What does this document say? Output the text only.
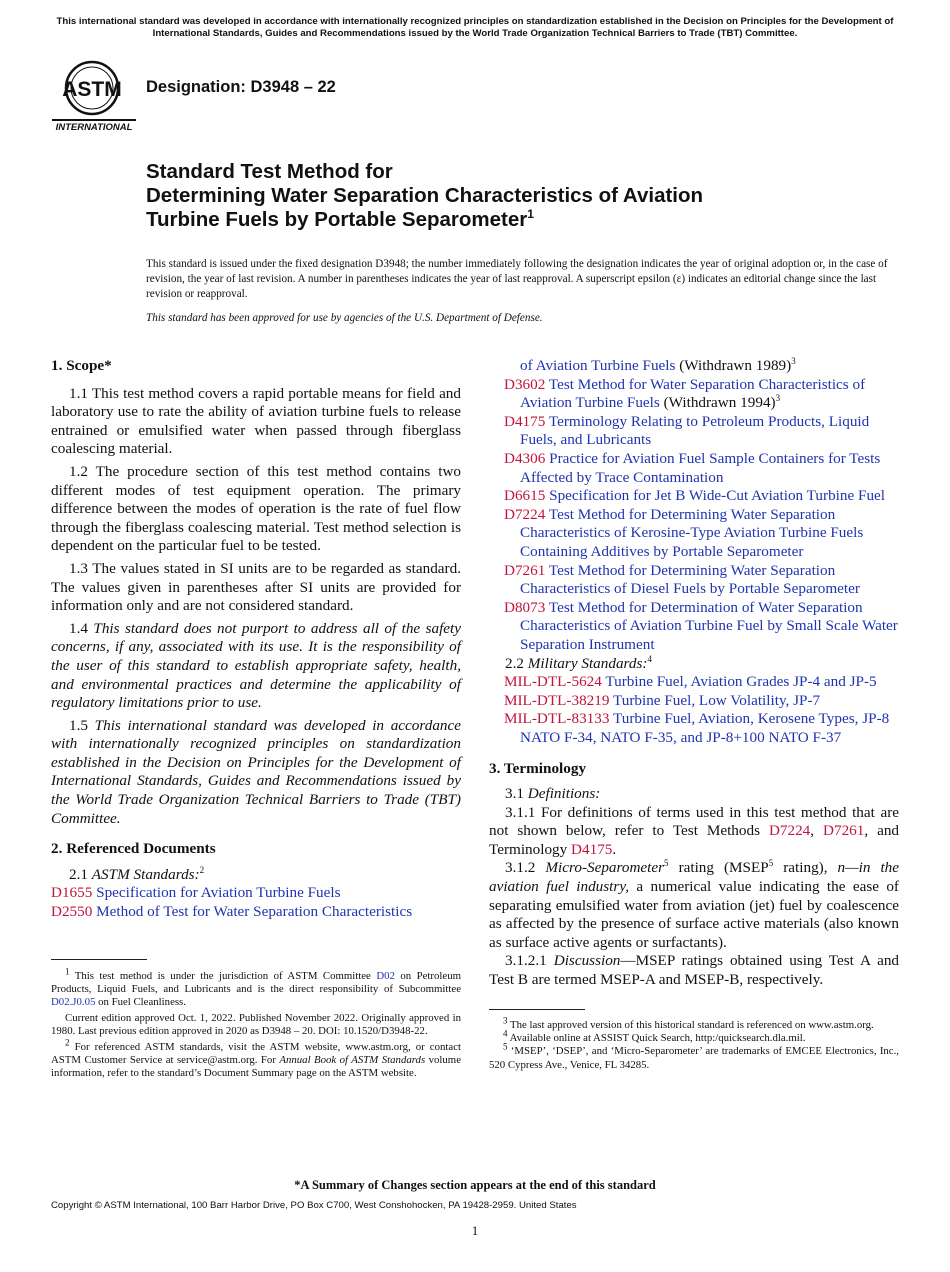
This international standard was developed in accordance with internationally recognized principles on standardization established in the Decision on Principles for the Development of International Standards, Guides and Recommendations issued by the World Trade Organization Technical Barriers to Trade (TBT) Committee.
ASTM
INTERNATIONAL
Designation: D3948 – 22
Standard Test Method for
Determining Water Separation Characteristics of Aviation
Turbine Fuels by Portable Separometer$^1$
This standard is issued under the fixed designation D3948; the number immediately following the designation indicates the year of original adoption or, in the case of revision, the year of last revision. A number in parentheses indicates the year of last reapproval. A superscript epsilon (ε) indicates an editorial change since the last revision or reapproval.
This standard has been approved for use by agencies of the U.S. Department of Defense.
1. Scope*
1.1 This test method covers a rapid portable means for field and laboratory use to rate the ability of aviation turbine fuels to release entrained or emulsified water when passed through fiberglass coalescing material.
1.2 The procedure section of this test method contains two different modes of test equipment operation. The primary difference between the modes of operation is the rate of fuel flow through the fiberglass coalescing material. Test method selection is dependent on the particular fuel to be tested.
1.3 The values stated in SI units are to be regarded as standard. The values given in parentheses after SI units are provided for information only and are not considered standard.
1.4 This standard does not purport to address all of the safety concerns, if any, associated with its use. It is the responsibility of the user of this standard to establish appropriate safety, health, and environmental practices and determine the applicability of regulatory limitations prior to use.
1.5 This international standard was developed in accordance with internationally recognized principles on standardization established in the Decision on Principles for the Development of International Standards, Guides and Recommendations issued by the World Trade Organization Technical Barriers to Trade (TBT) Committee.
2. Referenced Documents
2.1 ASTM Standards:$^2$
D1655 Specification for Aviation Turbine Fuels
D2550 Method of Test for Water Separation Characteristics
$^1$ This test method is under the jurisdiction of ASTM Committee D02 on Petroleum Products, Liquid Fuels, and Lubricants and is the direct responsibility of Subcommittee D02.J0.05 on Fuel Cleanliness.
Current edition approved Oct. 1, 2022. Published November 2022. Originally approved in 1980. Last previous edition approved in 2020 as D3948 – 20. DOI: 10.1520/D3948-22.
$^2$ For referenced ASTM standards, visit the ASTM website, www.astm.org, or contact ASTM Customer Service at service@astm.org. For Annual Book of ASTM Standards volume information, refer to the standard’s Document Summary page on the ASTM website.
of Aviation Turbine Fuels (Withdrawn 1989)$^3$
D3602 Test Method for Water Separation Characteristics of Aviation Turbine Fuels (Withdrawn 1994)$^3$
D4175 Terminology Relating to Petroleum Products, Liquid Fuels, and Lubricants
D4306 Practice for Aviation Fuel Sample Containers for Tests Affected by Trace Contamination
D6615 Specification for Jet B Wide-Cut Aviation Turbine Fuel
D7224 Test Method for Determining Water Separation Characteristics of Kerosine-Type Aviation Turbine Fuels Containing Additives by Portable Separometer
D7261 Test Method for Determining Water Separation Characteristics of Diesel Fuels by Portable Separometer
D8073 Test Method for Determination of Water Separation Characteristics of Aviation Turbine Fuel by Small Scale Water Separation Instrument
2.2 Military Standards:$^4$
MIL-DTL-5624 Turbine Fuel, Aviation Grades JP-4 and JP-5
MIL-DTL-38219 Turbine Fuel, Low Volatility, JP-7
MIL-DTL-83133 Turbine Fuel, Aviation, Kerosene Types, JP-8 NATO F-34, NATO F-35, and JP-8+100 NATO F-37
3. Terminology
3.1 Definitions:
3.1.1 For definitions of terms used in this test method that are not shown below, refer to Test Methods D7224, D7261, and Terminology D4175.
3.1.2 Micro-Separometer$^5$ rating (MSEP$^5$ rating), n—in the aviation fuel industry, a numerical value indicating the ease of separating emulsified water from aviation (jet) fuel by coalescence as affected by the presence of surface active materials (also known as surface active agents or surfactants).
3.1.2.1 Discussion—MSEP ratings obtained using Test A and Test B are termed MSEP-A and MSEP-B, respectively.
$^3$ The last approved version of this historical standard is referenced on www.astm.org.
$^4$ Available online at ASSIST Quick Search, http:/quicksearch.dla.mil.
$^5$ ‘MSEP’, ‘DSEP’, and ‘Micro-Separometer’ are trademarks of EMCEE Electronics, Inc., 520 Cypress Ave., Venice, FL 34285.
*A Summary of Changes section appears at the end of this standard
Copyright © ASTM International, 100 Barr Harbor Drive, PO Box C700, West Conshohocken, PA 19428-2959. United States
1
